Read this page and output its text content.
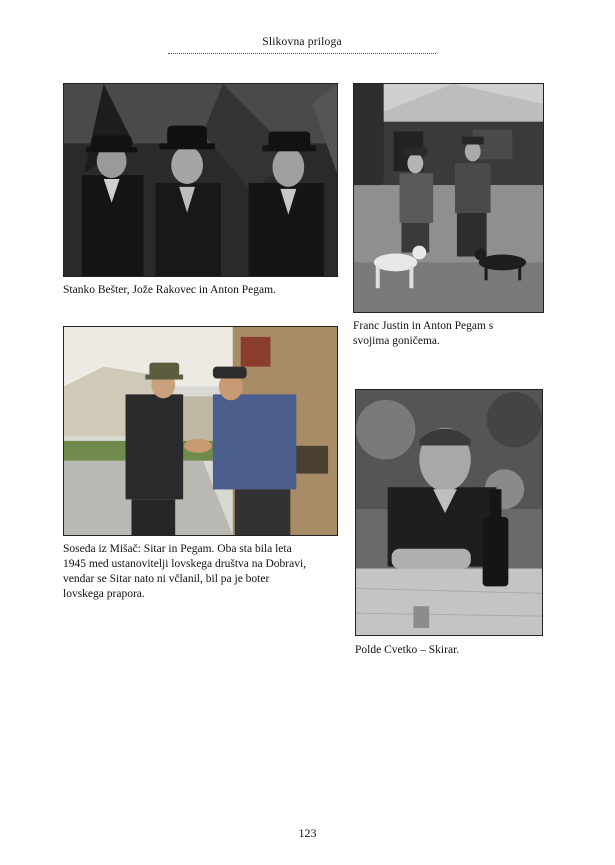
Slikovna priloga

Stanko Bešter, Jože Rakovec in Anton Pegam.

Franc Justin in Anton Pegam s svojima goničema.

Soseda iz Mišač: Sitar in Pegam. Oba sta bila leta 1945 med ustanovitelji lovskega društva na Dobravi, vendar se Sitar nato ni včlanil, bil pa je boter lovskega prapora.

Polde Cvetko – Skirar.

123
